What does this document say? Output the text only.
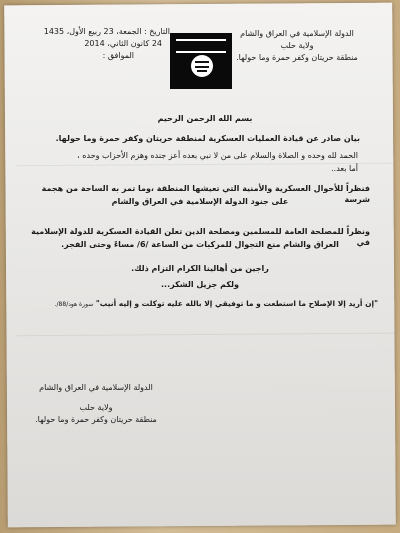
الدولة الإسلامية في العراق والشام
ولاية حلب
منطقة حريتان وكفر حمرة وما حولها.
التاريخ : الجمعة، 23 ربيع الأول، 1435
24 كانون الثاني، 2014
الموافق :
بسم الله الرحمن الرحيم
بيان صادر عن قيادة العمليات العسكرية لمنطقة حريتان وكفر حمرة وما حولها.
الحمد لله وحده و الصلاة والسلام على من لا نبي بعده أعز جنده وهزم الأحزاب وحده ،
أما بعد..
فنظراً للأحوال العسكرية والأمنية التي تعيشها المنطقة ،وما تمر به الساحة من هجمة شرسة
على جنود الدولة الإسلامية في العراق والشام
ونظراً للمصلحة العامة للمسلمين ومصلحة الدين تعلن القيادة العسكرية للدولة الإسلامية في
العراق والشام منع التجوال للمركبات من الساعة /6/ مساءً وحتى الفجر.
راجين من أهالينا الكرام التزام ذلك.
ولكم جزيل الشكر...
"إن أريد إلا الإصلاح ما استطعت و ما توفيقي إلا بالله عليه توكلت و إليه أنيب" سورة هود/88/.
الدولة الإسلامية في العراق والشام
ولاية حلب
منطقة حريتان وكفر حمرة وما حولها.
